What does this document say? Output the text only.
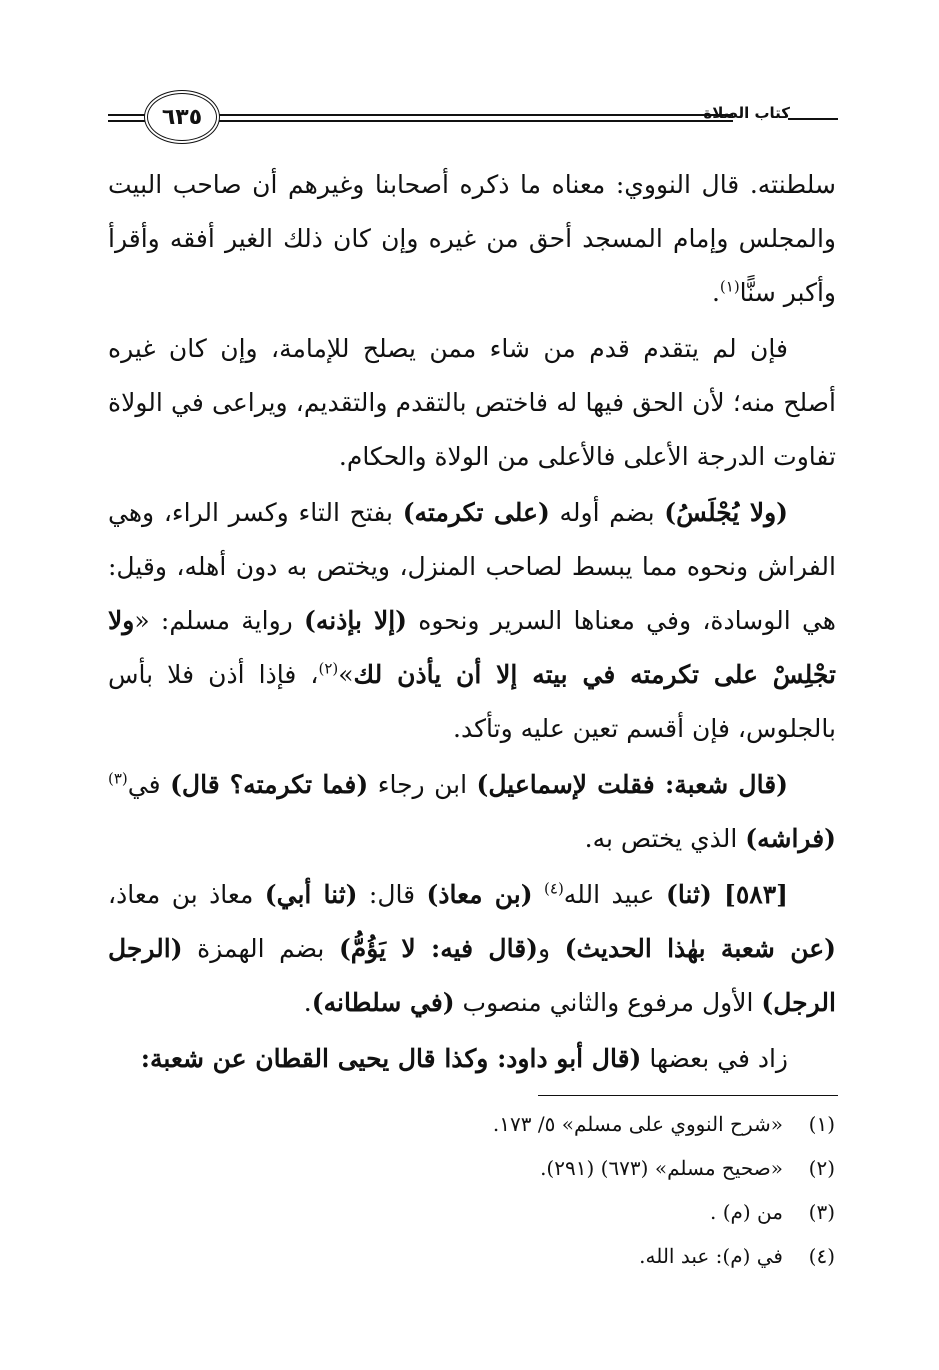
٦٣٥	كتاب الصلاة

سلطنته. قال النووي: معناه ما ذكره أصحابنا وغيرهم أن صاحب البيت والمجلس وإمام المسجد أحق من غيره وإن كان ذلك الغير أفقه وأقرأ وأكبر سنًّا$^{(١)}$.

فإن لم يتقدم قدم من شاء ممن يصلح للإمامة، وإن كان غيره أصلح منه؛ لأن الحق فيها له فاختص بالتقدم والتقديم، ويراعى في الولاة تفاوت الدرجة الأعلى فالأعلى من الولاة والحكام.

(ولا يُجْلَسُ) بضم أوله (على تكرمته) بفتح التاء وكسر الراء، وهي الفراش ونحوه مما يبسط لصاحب المنزل، ويختص به دون أهله، وقيل: هي الوسادة، وفي معناها السرير ونحوه (إلا بإذنه) رواية مسلم: «ولا تجْلِسْ على تكرمته في بيته إلا أن يأذن لك»$^{(٢)}$، فإذا أذن فلا بأس بالجلوس، فإن أقسم تعين عليه وتأكد.

(قال شعبة: فقلت لإسماعيل) ابن رجاء (فما تكرمته؟ قال) في$^{(٣)}$ (فراشه) الذي يختص به.

[٥٨٣] (ثنا) عبيد الله$^{(٤)}$ (بن معاذ) قال: (ثنا أبي) معاذ بن معاذ، (عن شعبة بهٰذا الحديث) و(قال فيه: لا يَؤُمُّ) بضم الهمزة (الرجل الرجل) الأول مرفوع والثاني منصوب (في سلطانه).

زاد في بعضها (قال أبو داود: وكذا قال يحيى القطان عن شعبة:

(١)
«شرح النووي على مسلم» ٥/ ١٧٣.
(٢)
«صحيح مسلم» (٦٧٣) (٢٩١).
(٣)
من (م) .
(٤)
في (م): عبد الله.
